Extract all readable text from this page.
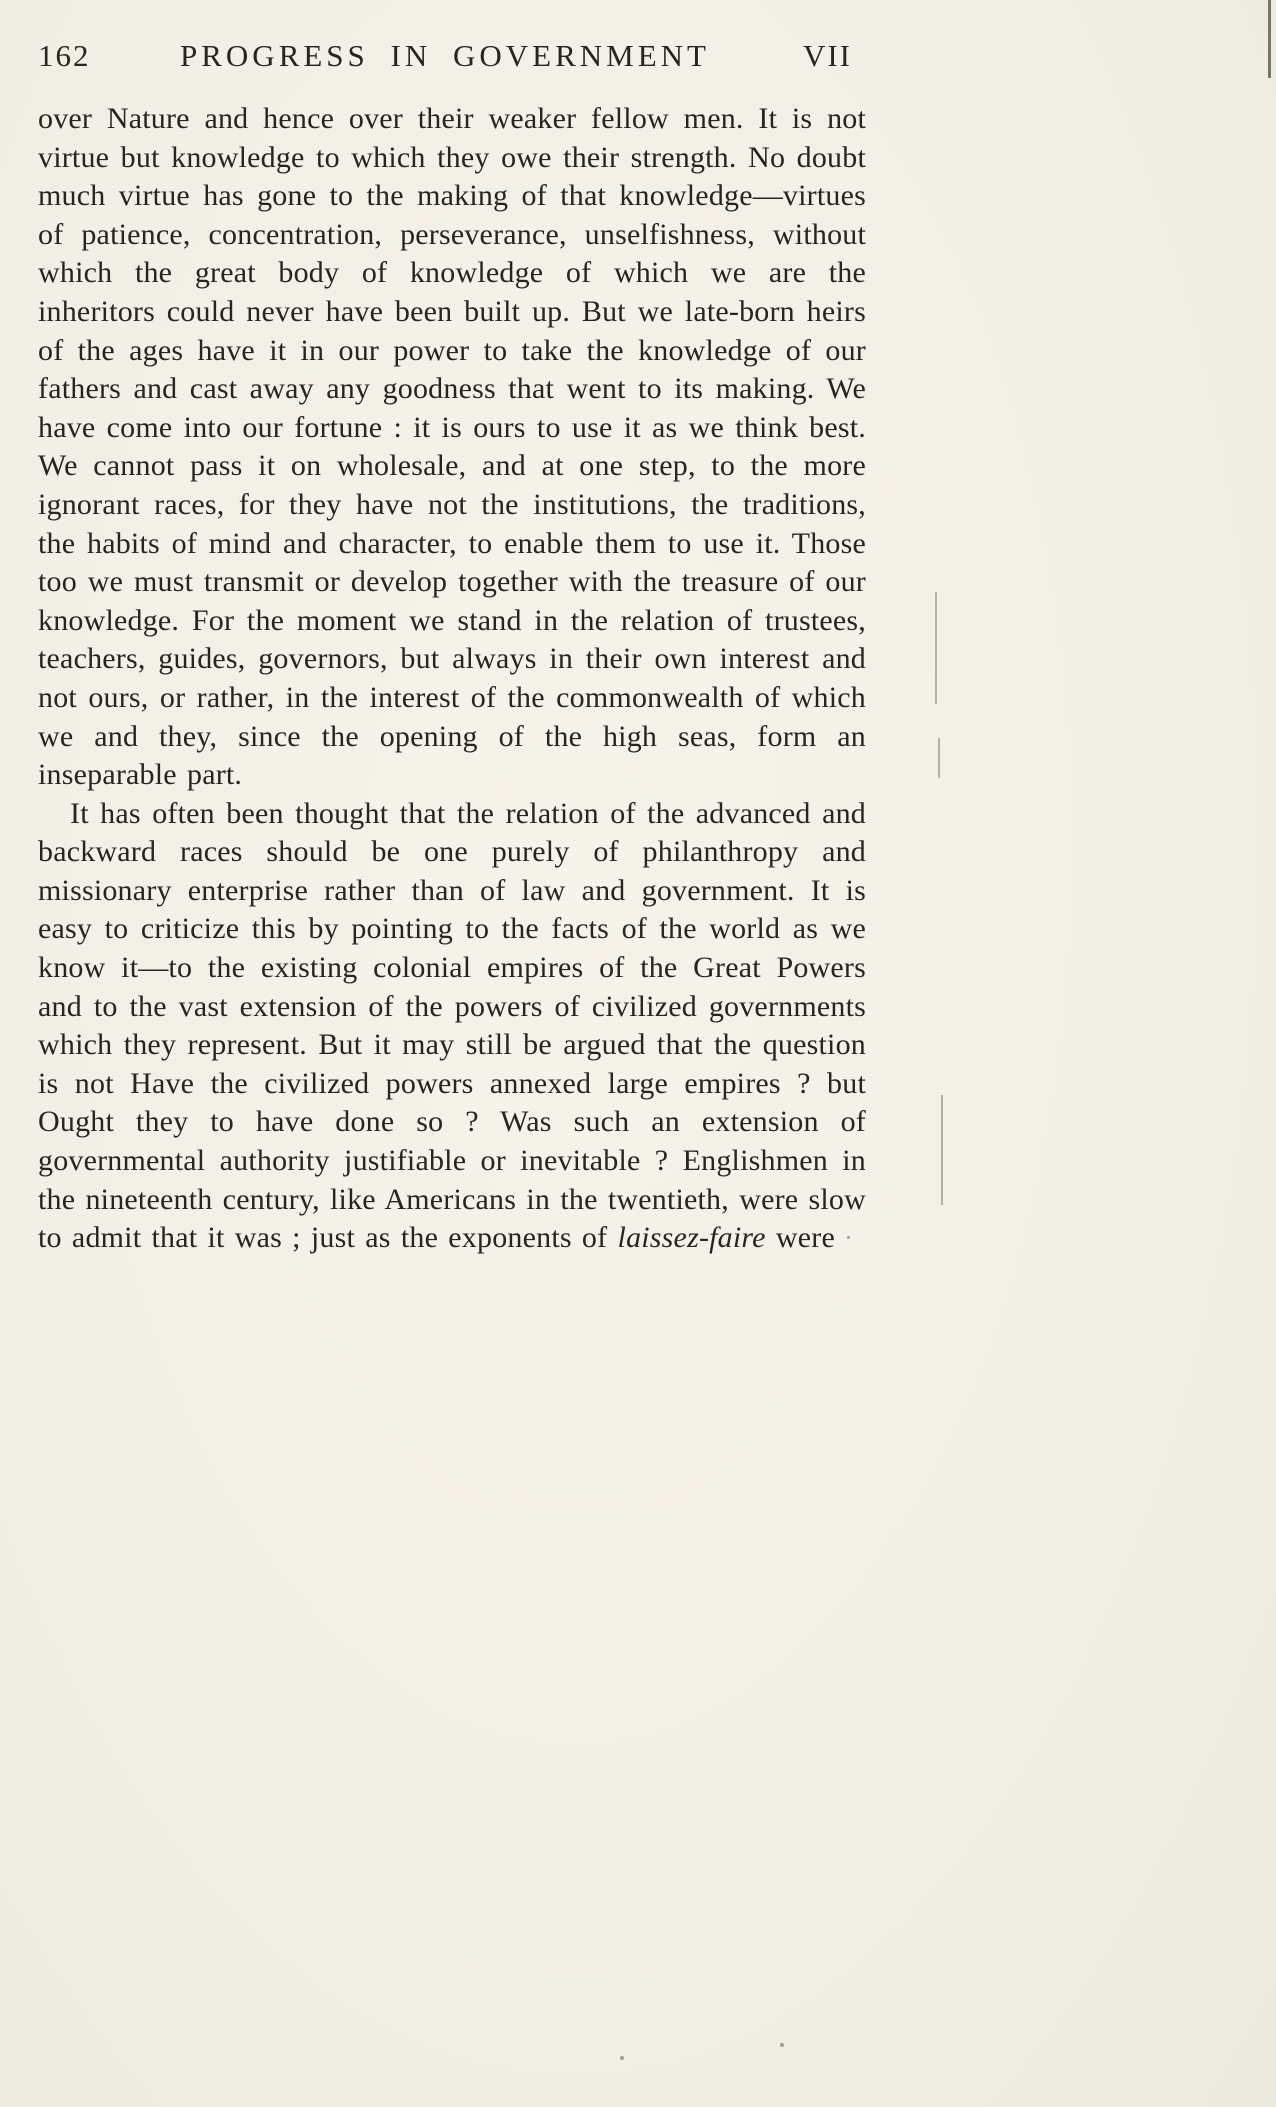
162	PROGRESS IN GOVERNMENT	VII

over Nature and hence over their weaker fellow men. It is not virtue but knowledge to which they owe their strength. No doubt much virtue has gone to the making of that knowledge—virtues of patience, concentration, perseverance, unselfishness, without which the great body of knowledge of which we are the inheritors could never have been built up. But we late-born heirs of the ages have it in our power to take the knowledge of our fathers and cast away any goodness that went to its making. We have come into our fortune : it is ours to use it as we think best. We cannot pass it on wholesale, and at one step, to the more ignorant races, for they have not the institutions, the traditions, the habits of mind and character, to enable them to use it. Those too we must transmit or develop together with the treasure of our knowledge. For the moment we stand in the relation of trustees, teachers, guides, governors, but always in their own interest and not ours, or rather, in the interest of the commonwealth of which we and they, since the opening of the high seas, form an inseparable part.

It has often been thought that the relation of the advanced and backward races should be one purely of philanthropy and missionary enterprise rather than of law and government. It is easy to criticize this by pointing to the facts of the world as we know it—to the existing colonial empires of the Great Powers and to the vast extension of the powers of civilized governments which they represent. But it may still be argued that the question is not Have the civilized powers annexed large empires ? but Ought they to have done so ? Was such an extension of governmental authority justifiable or inevitable ? Englishmen in the nineteenth century, like Americans in the twentieth, were slow to admit that it was ; just as the exponents of laissez-faire were
